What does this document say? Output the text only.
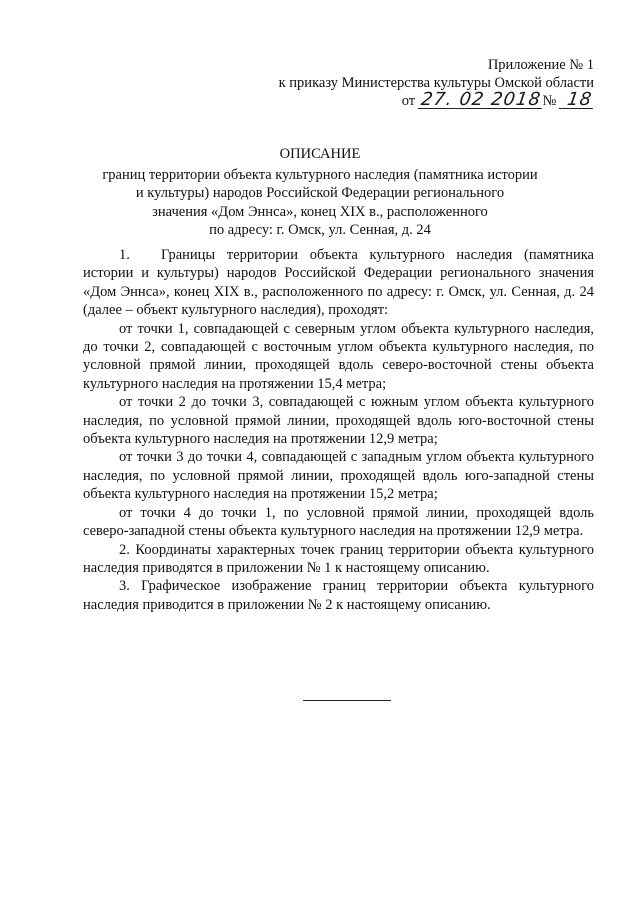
Приложение № 1
к приказу Министерства культуры Омской области
от 27. 02 2018№ 18
ОПИСАНИЕ
границ территории объекта культурного наследия (памятника истории
и культуры) народов Российской Федерации регионального
значения «Дом Эннса», конец XIX в., расположенного
по адресу: г. Омск, ул. Сенная, д. 24

1. Границы территории объекта культурного наследия (памятника истории и культуры) народов Российской Федерации регионального значения «Дом Эннса», конец XIX в., расположенного по адресу: г. Омск, ул. Сенная, д. 24 (далее – объект культурного наследия), проходят:

от точки 1, совпадающей с северным углом объекта культурного наследия, до точки 2, совпадающей с восточным углом объекта культурного наследия, по условной прямой линии, проходящей вдоль северо-восточной стены объекта культурного наследия на протяжении 15,4 метра;

от точки 2 до точки 3, совпадающей с южным углом объекта культурного наследия, по условной прямой линии, проходящей вдоль юго-восточной стены объекта культурного наследия на протяжении 12,9 метра;

от точки 3 до точки 4, совпадающей с западным углом объекта культурного наследия, по условной прямой линии, проходящей вдоль юго-западной стены объекта культурного наследия на протяжении 15,2 метра;

от точки 4 до точки 1, по условной прямой линии, проходящей вдоль северо-западной стены объекта культурного наследия на протяжении 12,9 метра.

2. Координаты характерных точек границ территории объекта культурного наследия приводятся в приложении № 1 к настоящему описанию.

3. Графическое изображение границ территории объекта культурного наследия приводится в приложении № 2 к настоящему описанию.
